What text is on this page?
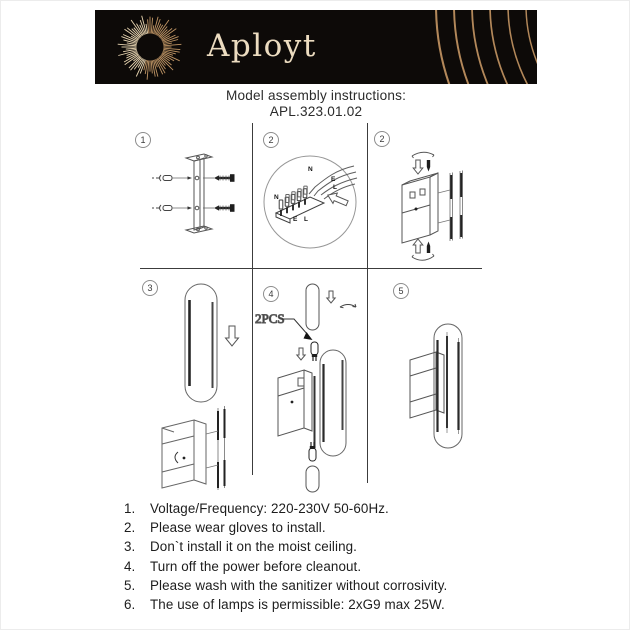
Aployt
Model assembly instructions:
APL.323.01.02
1	2	2
3
4	5
N
E
L
N
E L
2PCS
1.	Voltage/Frequency: 220-230V 50-60Hz.
2.	Please wear gloves to install.
3.	Don`t install it on the moist ceiling.
4.	Turn off the power before cleanout.
5.	Please wash with the sanitizer without corrosivity.
6.	The use of lamps is permissible: 2xG9 max 25W.
